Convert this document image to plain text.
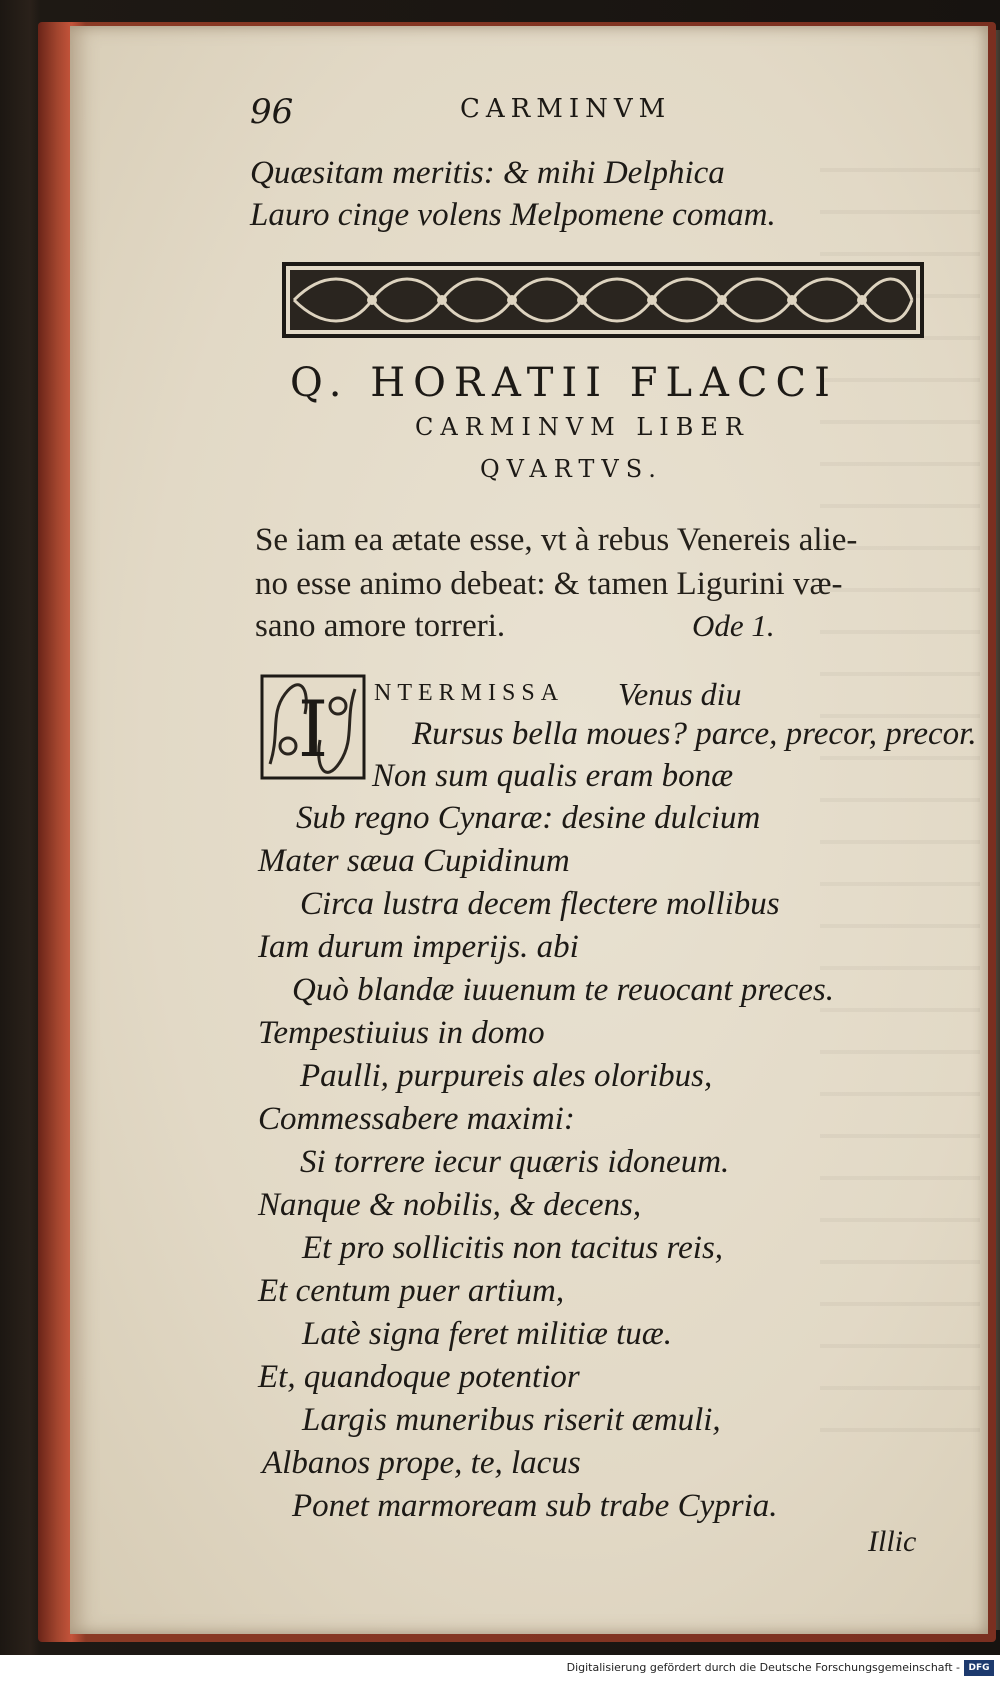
96	CARMINVM
Quæsitam meritis: & mihi Delphica
Lauro cinge volens Melpomene comam.
Q. HORATII FLACCI
CARMINVM LIBER
QVARTVS.
Se iam ea ætate esse, vt à rebus Venereis alie-
no esse animo debeat: & tamen Ligurini væ-
sano amore torreri.	Ode 1.
I NTERMISSA Venus diu
Rursus bella moues? parce, precor, precor.
Non sum qualis eram bonæ
Sub regno Cynaræ: desine dulcium
Mater sæua Cupidinum
Circa lustra decem flectere mollibus
Iam durum imperijs. abi
Quò blandæ iuuenum te reuocant preces.
Tempestiuius in domo
Paulli, purpureis ales oloribus,
Commessabere maximi:
Si torrere iecur quæris idoneum.
Nanque & nobilis, & decens,
Et pro sollicitis non tacitus reis,
Et centum puer artium,
Latè signa feret militiæ tuæ.
Et, quandoque potentior
Largis muneribus riserit æmuli,
Albanos prope, te, lacus
Ponet marmoream sub trabe Cypria.
Illic
Digitalisierung gefördert durch die Deutsche Forschungsgemeinschaft - DFG
